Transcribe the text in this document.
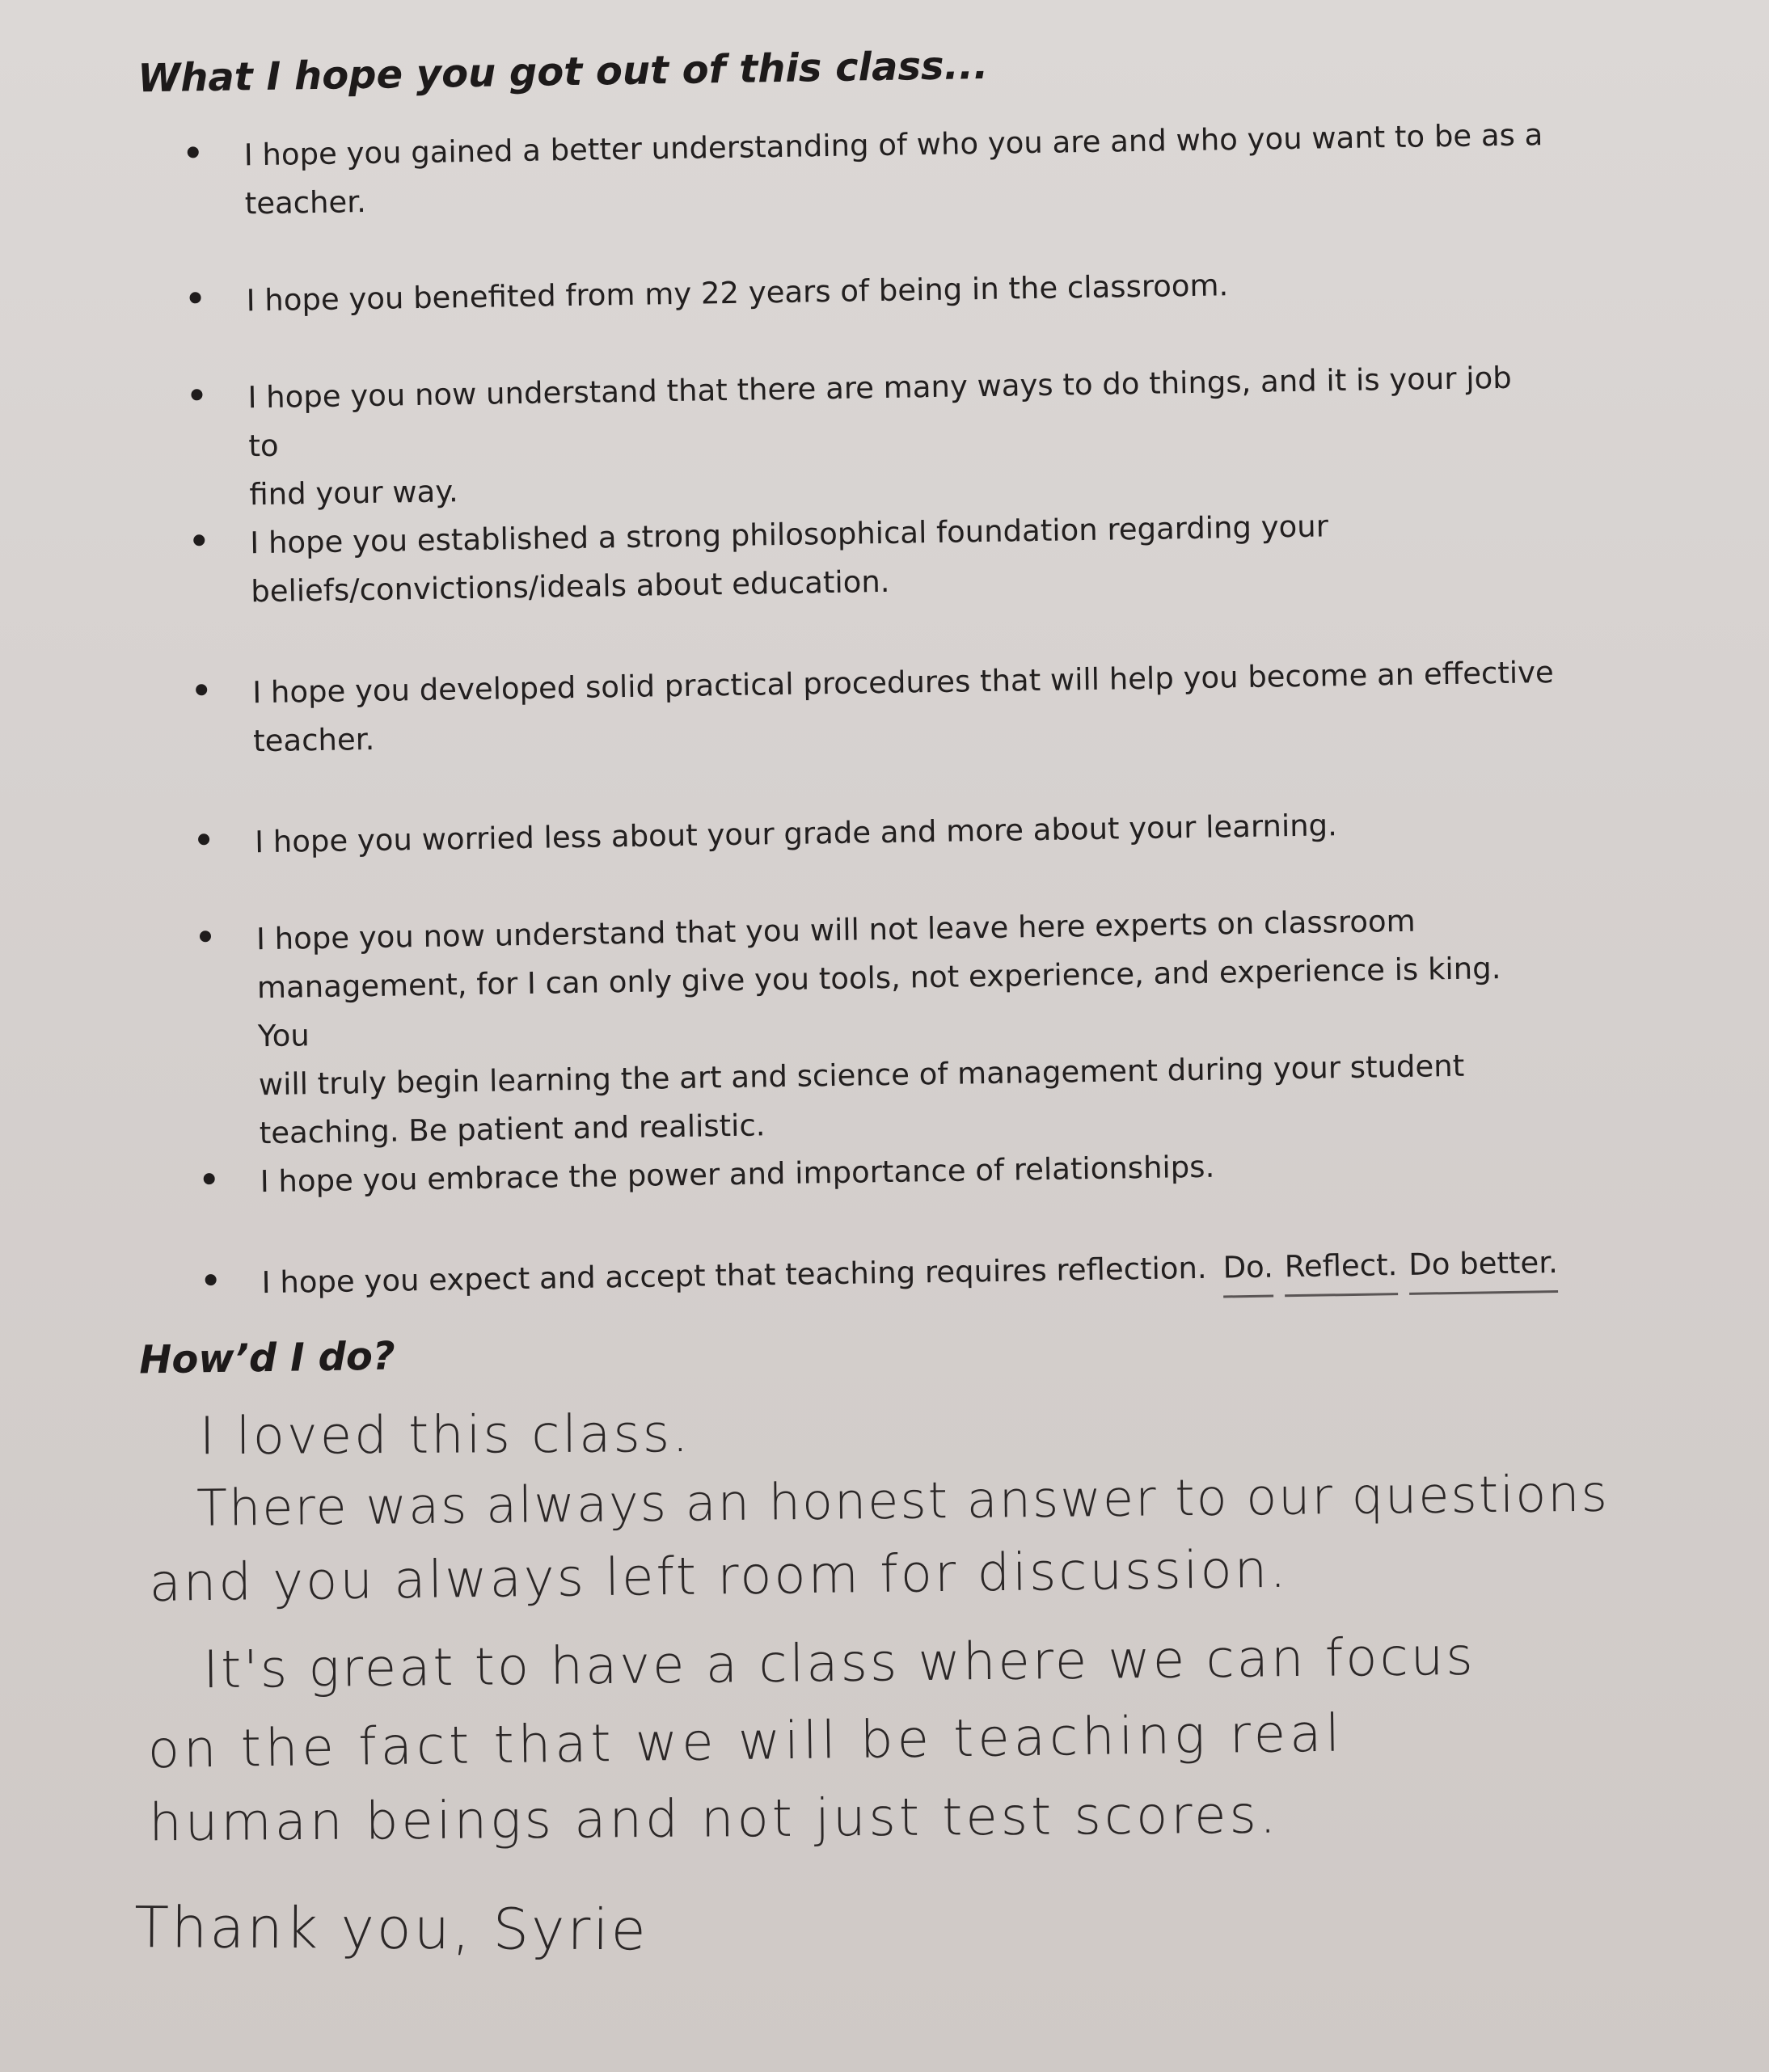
What I hope you got out of this class...
I hope you gained a better understanding of who you are and who you want to be as a
teacher.
I hope you benefited from my 22 years of being in the classroom.
I hope you now understand that there are many ways to do things, and it is your job to
find your way.
I hope you established a strong philosophical foundation regarding your
beliefs/convictions/ideals about education.
I hope you developed solid practical procedures that will help you become an effective
teacher.
I hope you worried less about your grade and more about your learning.
I hope you now understand that you will not leave here experts on classroom
management, for I can only give you tools, not experience, and experience is king. You
will truly begin learning the art and science of management during your student
teaching. Be patient and realistic.
I hope you embrace the power and importance of relationships.
I hope you expect and accept that teaching requires reflection. Do. Reflect. Do better.
How’d I do?
I loved this class.
There was always an honest answer to our questions
and you always left room for discussion.
It's great to have a class where we can focus
on the fact that we will be teaching real
human beings and not just test scores.
Thank you, Syrie
